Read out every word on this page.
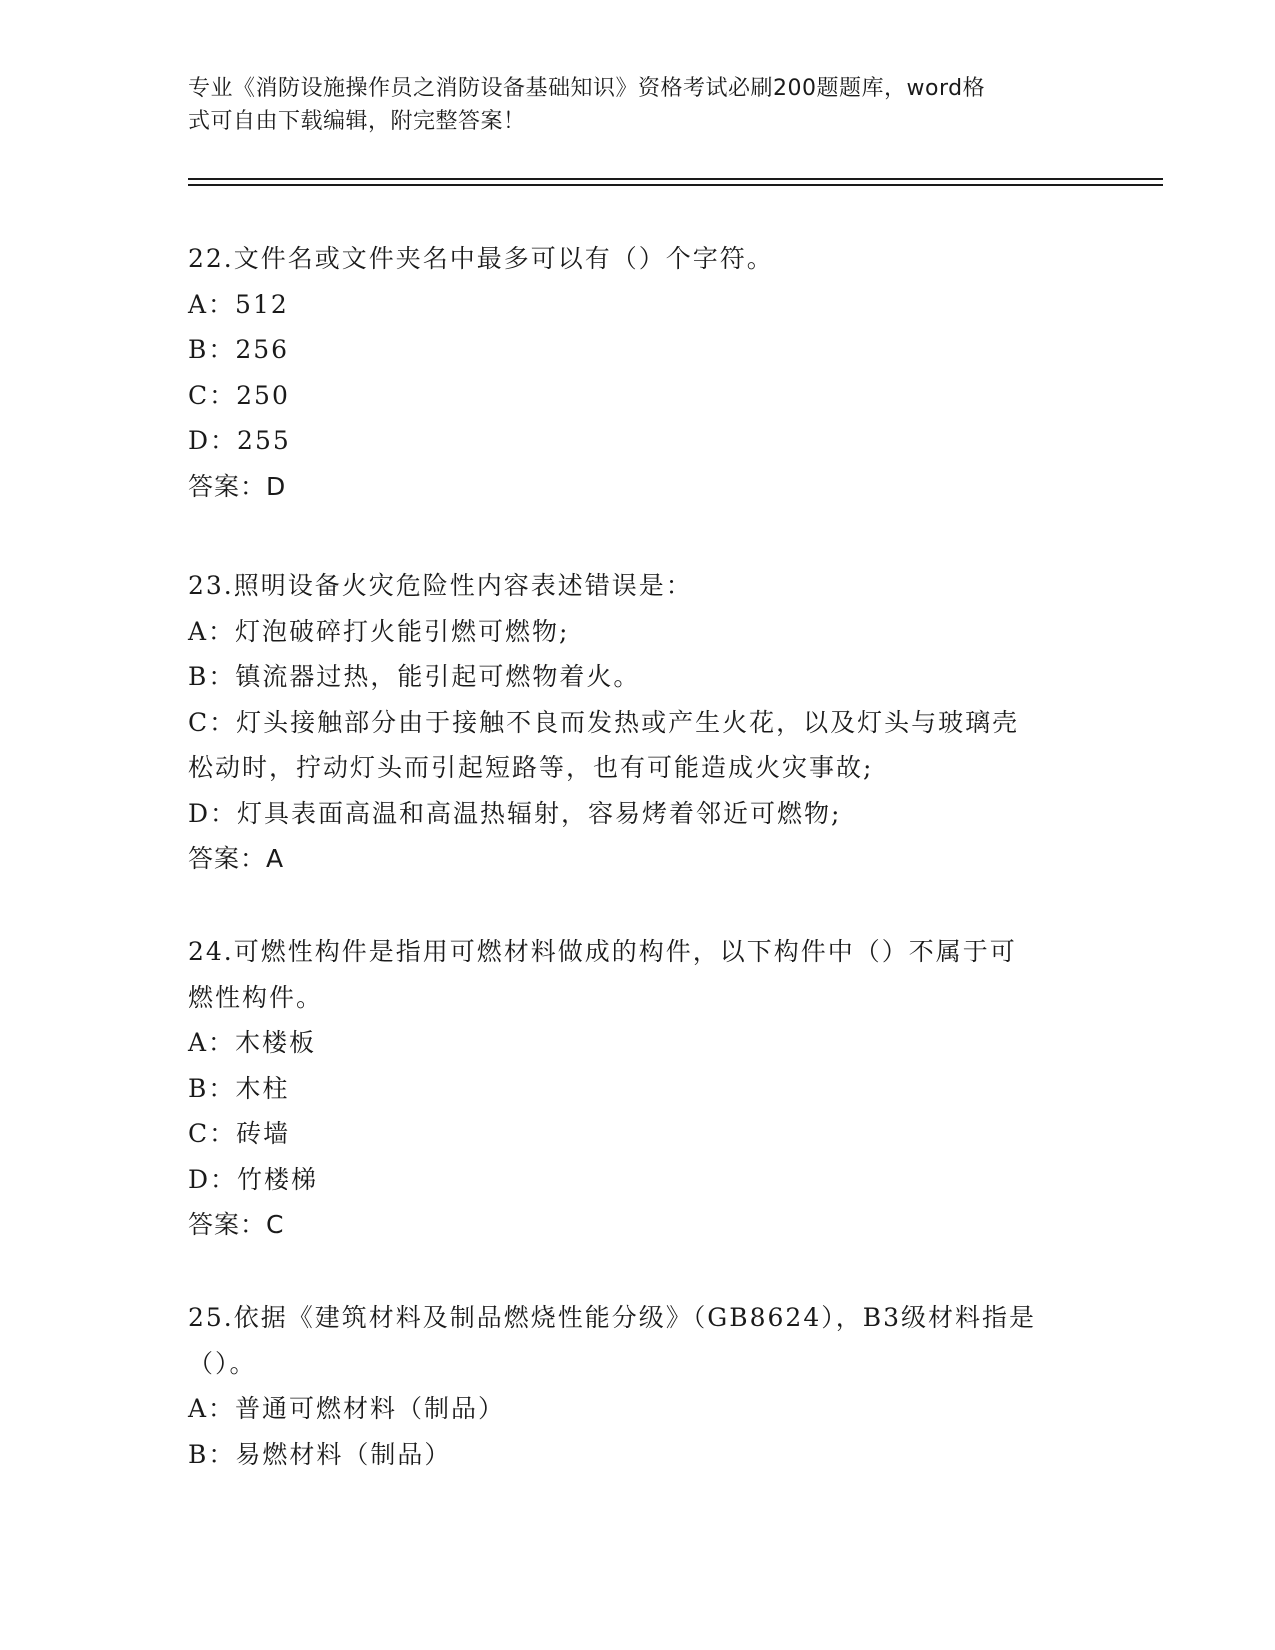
专业《消防设施操作员之消防设备基础知识》资格考试必刷200题题库，word格
式可自由下载编辑，附完整答案！
22.文件名或文件夹名中最多可以有（）个字符。
A：512
B：256
C：250
D：255
答案：D
23.照明设备火灾危险性内容表述错误是：
A：灯泡破碎打火能引燃可燃物;
B：镇流器过热，能引起可燃物着火。
C：灯头接触部分由于接触不良而发热或产生火花，以及灯头与玻璃壳
松动时，拧动灯头而引起短路等，也有可能造成火灾事故;
D：灯具表面高温和高温热辐射，容易烤着邻近可燃物;
答案：A
24.可燃性构件是指用可燃材料做成的构件，以下构件中（）不属于可
燃性构件。
A：木楼板
B：木柱
C：砖墙
D：竹楼梯
答案：C
25.依据《建筑材料及制品燃烧性能分级》（GB8624），B3级材料指是
（）。
A：普通可燃材料（制品）
B：易燃材料（制品）
